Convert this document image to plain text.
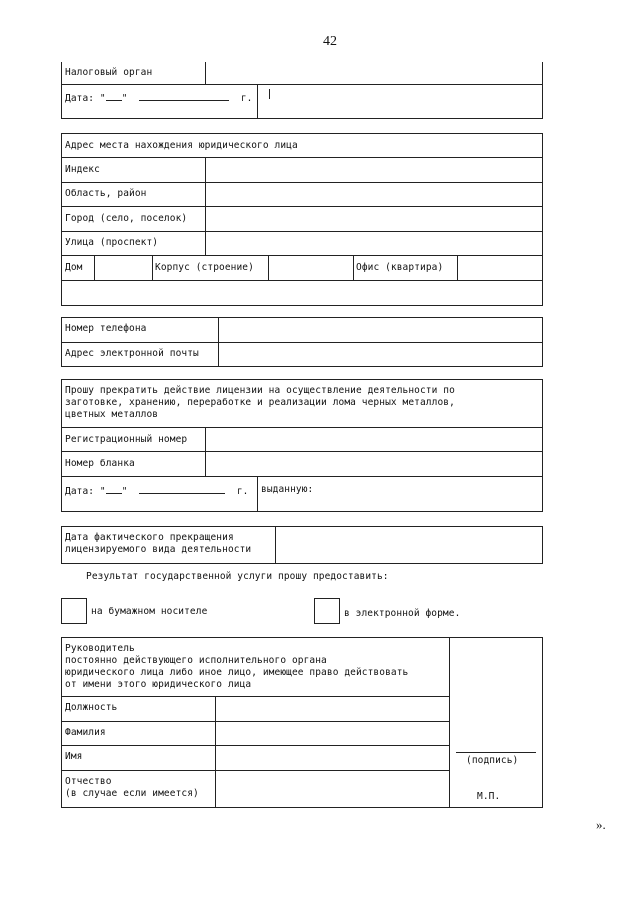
42
Налоговый орган
Дата: " "	г.
Адрес места нахождения юридического лица
Индекс
Область, район
Город (село, поселок)
Улица (проспект)
Дом	Корпус (строение)	Офис (квартира)
Номер телефона
Адрес электронной почты
Прошу прекратить действие лицензии на осуществление деятельности по
заготовке, хранению, переработке и реализации лома черных металлов,
цветных металлов
Регистрационный номер
Номер бланка
Дата: " "	г. выданную:
Дата фактического прекращения
лицензируемого вида деятельности
Результат государственной услуги прошу предоставить:
на бумажном носителе	в электронной форме.
Руководитель
постоянно действующего исполнительного органа
юридического лица либо иное лицо, имеющее право действовать
от имени этого юридического лица
Должность
Фамилия
Имя
Отчество
(в случае если имеется)
(подпись)
М.П.
».
